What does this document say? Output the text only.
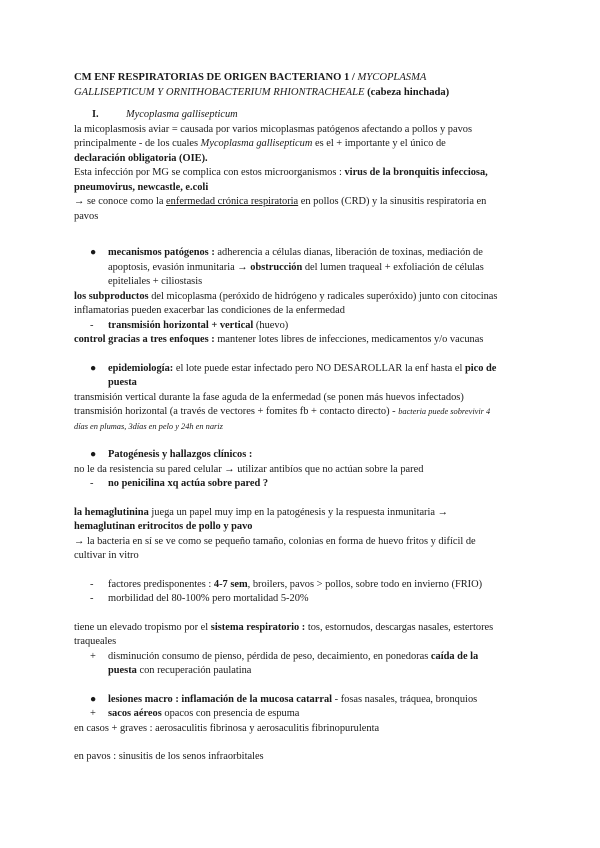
CM ENF RESPIRATORIAS DE ORIGEN BACTERIANO 1 / MYCOPLASMA
GALLISEPTICUM Y ORNITHOBACTERIUM RHIONTRACHEALE (cabeza hinchada)
I.	Mycoplasma gallisepticum
la micoplasmosis aviar = causada por varios micoplasmas patógenos afectando a pollos y pavos
principalmente - de los cuales Mycoplasma gallisepticum es el + importante y el único de
declaración obligatoria (OIE).
Esta infección por MG se complica con estos microorganismos : virus de la bronquitis infecciosa,
pneumovirus, newcastle, e.coli
→ se conoce como la enfermedad crónica respiratoria en pollos (CRD) y la sinusitis respiratoria en
pavos
● mecanismos patógenos : adherencia a células dianas, liberación de toxinas, mediación de
apoptosis, evasión inmunitaria → obstrucción del lumen traqueal + exfoliación de células
epiteliales + ciliostasis
los subproductos del micoplasma (peróxido de hidrógeno y radicales superóxido) junto con citocinas
inflamatorias pueden exacerbar las condiciones de la enfermedad
- transmisión horizontal + vertical (huevo)
control gracias a tres enfoques : mantener lotes libres de infecciones, medicamentos y/o vacunas
● epidemiología: el lote puede estar infectado pero NO DESAROLLAR la enf hasta el pico de
puesta
transmisión vertical durante la fase aguda de la enfermedad (se ponen más huevos infectados)
transmisión horizontal (a través de vectores + fomites fb + contacto directo) - bacteria puede sobrevivir 4
días en plumas, 3días en pelo y 24h en nariz
● Patogénesis y hallazgos clínicos :
no le da resistencia su pared celular → utilizar antibíos que no actúan sobre la pared
- no penicilina xq actúa sobre pared ?
la hemaglutinina juega un papel muy imp en la patogénesis y la respuesta inmunitaria →
hemaglutinan eritrocitos de pollo y pavo
→ la bacteria en sí se ve como se pequeño tamaño, colonias en forma de huevo fritos y difícil de
cultivar in vitro
- factores predisponentes : 4-7 sem, broilers, pavos > pollos, sobre todo en invierno (FRIO)
- morbilidad del 80-100% pero mortalidad 5-20%
tiene un elevado tropismo por el sistema respiratorio : tos, estornudos, descargas nasales, estertores
traqueales
+ disminución consumo de pienso, pérdida de peso, decaimiento, en ponedoras caída de la
puesta con recuperación paulatina
● lesiones macro : inflamación de la mucosa catarral - fosas nasales, tráquea, bronquios
+ sacos aéreos opacos con presencia de espuma
en casos + graves : aerosaculitis fibrinosa y aerosaculitis fibrinopurulenta
en pavos : sinusitis de los senos infraorbitales
